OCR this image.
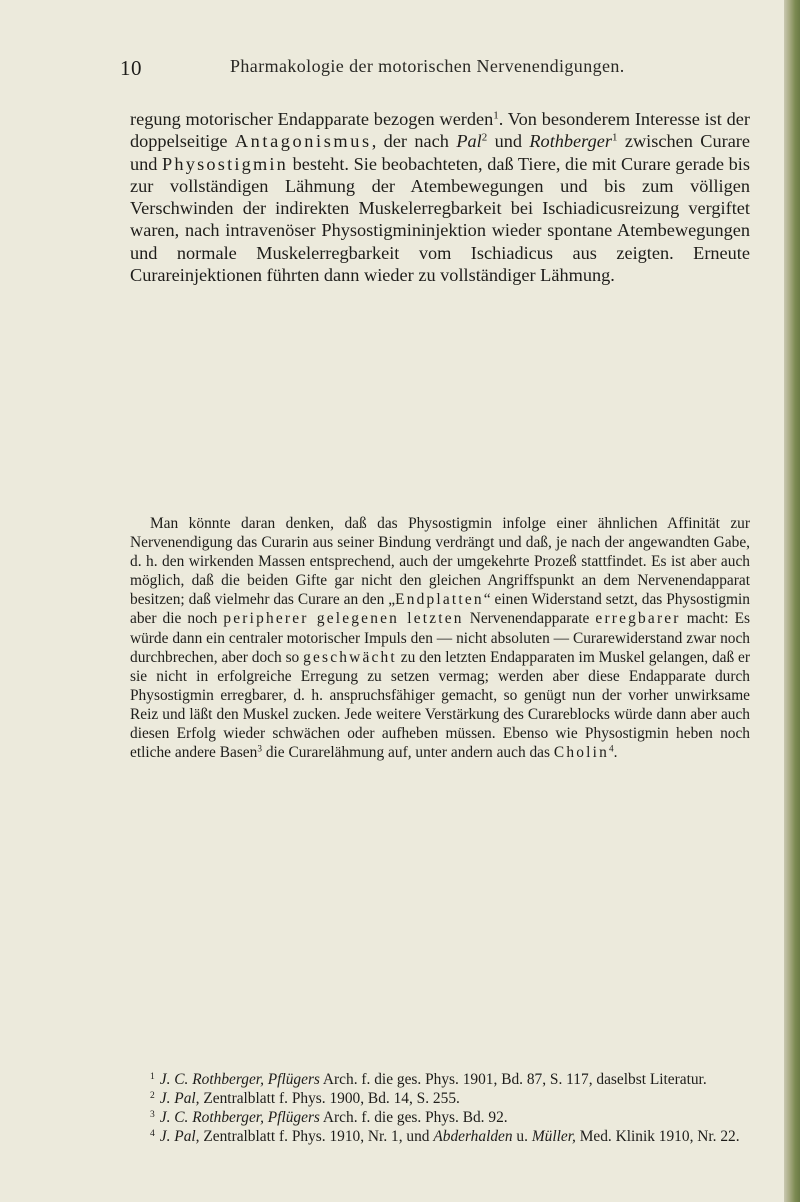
10	Pharmakologie der motorischen Nervenendigungen.

regung motorischer Endapparate bezogen werden$^1$. Von besonderem Interesse ist der doppelseitige Antagonismus, der nach Pal$^2$ und Rothberger$^1$ zwischen Curare und Physostigmin besteht. Sie beobachteten, daß Tiere, die mit Curare gerade bis zur vollständigen Lähmung der Atembewegungen und bis zum völligen Verschwinden der indirekten Muskelerregbarkeit bei Ischiadicusreizung vergiftet waren, nach intravenöser Physostigmininjektion wieder spontane Atembewegungen und normale Muskelerregbarkeit vom Ischiadicus aus zeigten. Erneute Curareinjektionen führten dann wieder zu vollständiger Lähmung.

Man könnte daran denken, daß das Physostigmin infolge einer ähnlichen Affinität zur Nervenendigung das Curarin aus seiner Bindung verdrängt und daß, je nach der angewandten Gabe, d. h. den wirkenden Massen entsprechend, auch der umgekehrte Prozeß stattfindet. Es ist aber auch möglich, daß die beiden Gifte gar nicht den gleichen Angriffspunkt an dem Nervenendapparat besitzen; daß vielmehr das Curare an den „Endplatten“ einen Widerstand setzt, das Physostigmin aber die noch peripherer gelegenen letzten Nervenendapparate erregbarer macht: Es würde dann ein centraler motorischer Impuls den — nicht absoluten — Curarewiderstand zwar noch durchbrechen, aber doch so geschwächt zu den letzten Endapparaten im Muskel gelangen, daß er sie nicht in erfolgreiche Erregung zu setzen vermag; werden aber diese Endapparate durch Physostigmin erregbarer, d. h. anspruchsfähiger gemacht, so genügt nun der vorher unwirksame Reiz und läßt den Muskel zucken. Jede weitere Verstärkung des Curareblocks würde dann aber auch diesen Erfolg wieder schwächen oder aufheben müssen. Ebenso wie Physostigmin heben noch etliche andere Basen$^3$ die Curarelähmung auf, unter andern auch das Cholin$^4$.

$^1$ J. C. Rothberger, Pflügers Arch. f. die ges. Phys. 1901, Bd. 87, S. 117, daselbst Literatur.

$^2$ J. Pal, Zentralblatt f. Phys. 1900, Bd. 14, S. 255.

$^3$ J. C. Rothberger, Pflügers Arch. f. die ges. Phys. Bd. 92.

$^4$ J. Pal, Zentralblatt f. Phys. 1910, Nr. 1, und Abderhalden u. Müller, Med. Klinik 1910, Nr. 22.
